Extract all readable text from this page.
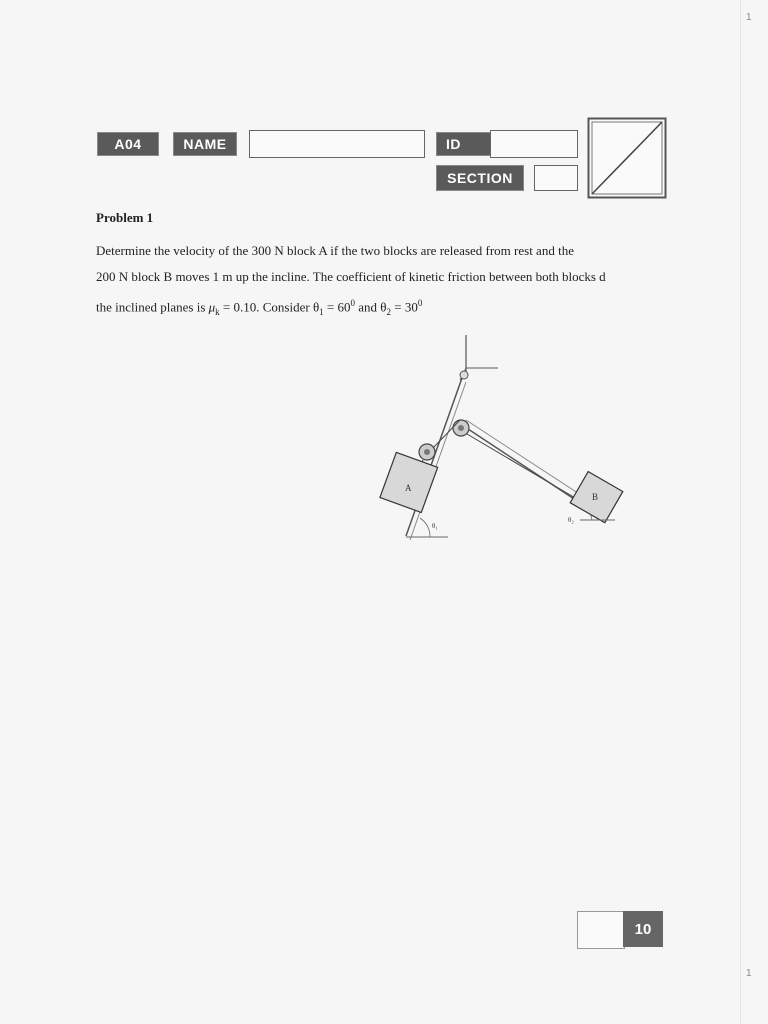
A04	NAME	ID
SECTION
Problem 1

Determine the velocity of the 300 N block A if the two blocks are released from rest and the

200 N block B moves 1 m up the incline. The coefficient of kinetic friction between both blocks d

the inclined planes is $\mu_k = 0.10$. Consider $\theta_1 = 60^0$ and $\theta_2 = 30^0$

A
B
θ₁
θ₂
10
1
1
